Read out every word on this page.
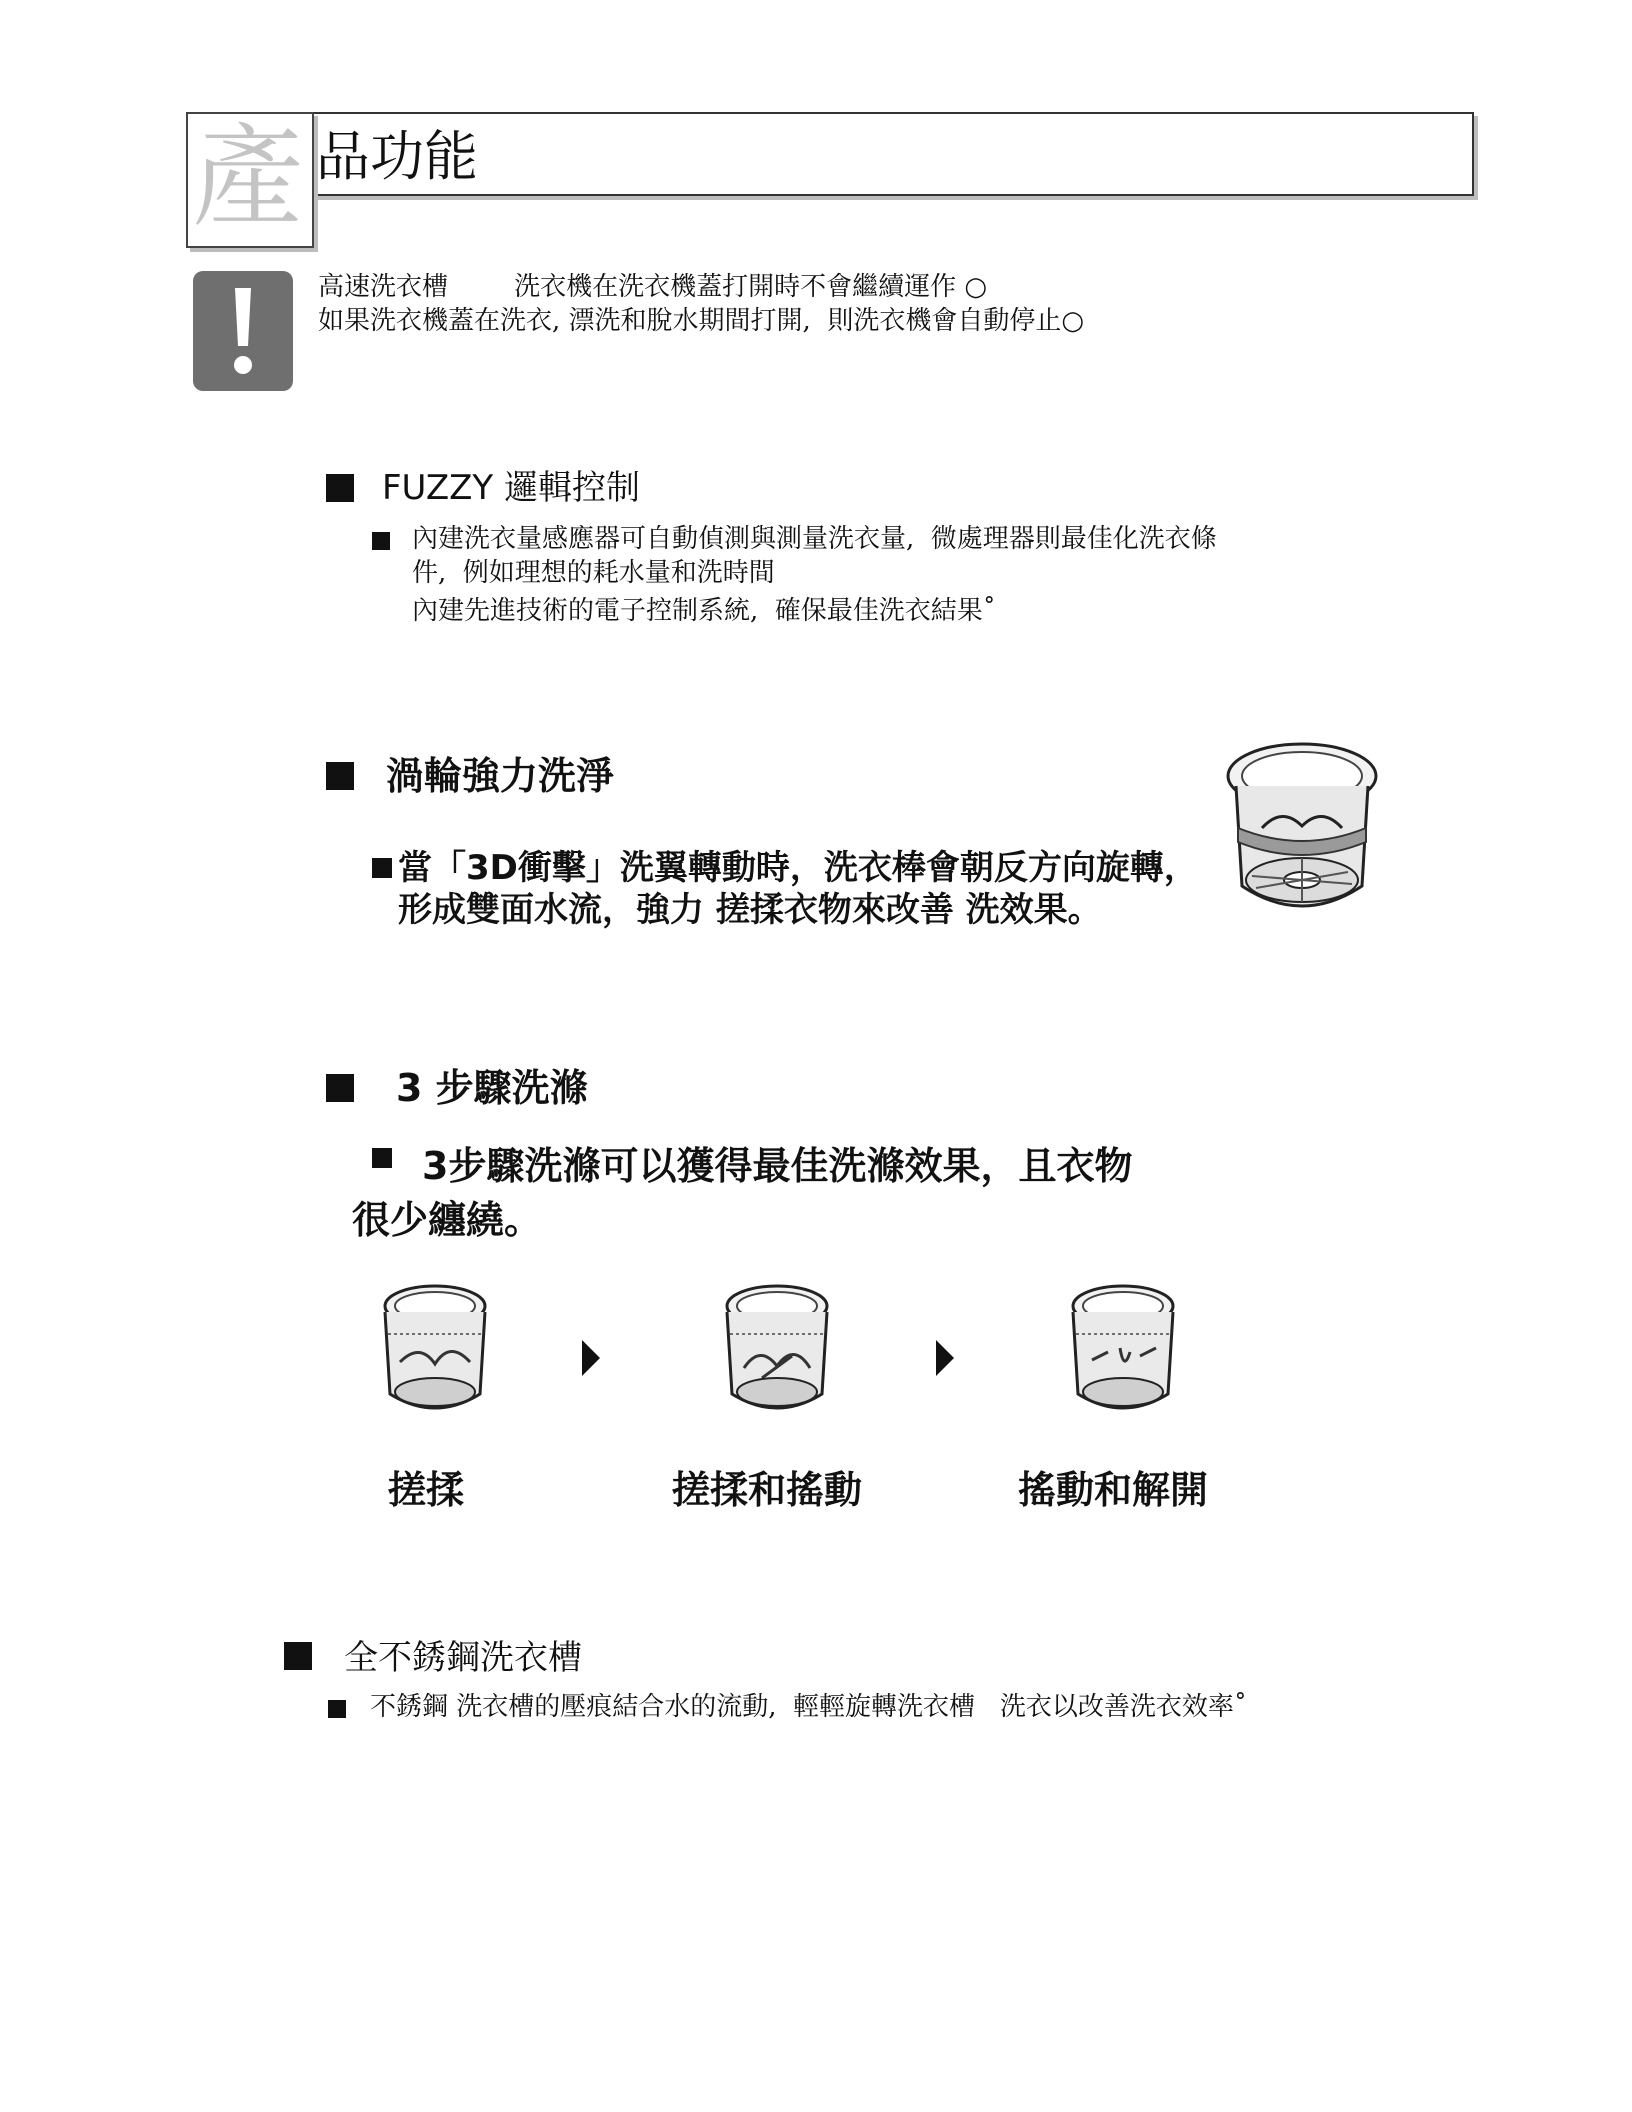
產 品功能
高速洗衣槽        洗衣機在洗衣機蓋打開時不會繼續運作 ○
如果洗衣機蓋在洗衣, 漂洗和脫水期間打開,  則洗衣機會自動停止○
FUZZY 邏輯控制
內建洗衣量感應器可自動偵測與測量洗衣量,  微處理器則最佳化洗衣條
件,  例如理想的耗水量和洗時間
內建先進技術的電子控制系統,  確保最佳洗衣結果˚
渦輪強力洗淨
當「3D衝擊」洗翼轉動時，洗衣棒會朝反方向旋轉，
形成雙面水流，強力 搓揉衣物來改善 洗效果。
3 步驟洗滌
3步驟洗滌可以獲得最佳洗滌效果，且衣物
很少纏繞。
搓揉	搓揉和搖動	搖動和解開
全不銹鋼洗衣槽
不銹鋼 洗衣槽的壓痕結合水的流動,  輕輕旋轉洗衣槽   洗衣以改善洗衣效率˚
